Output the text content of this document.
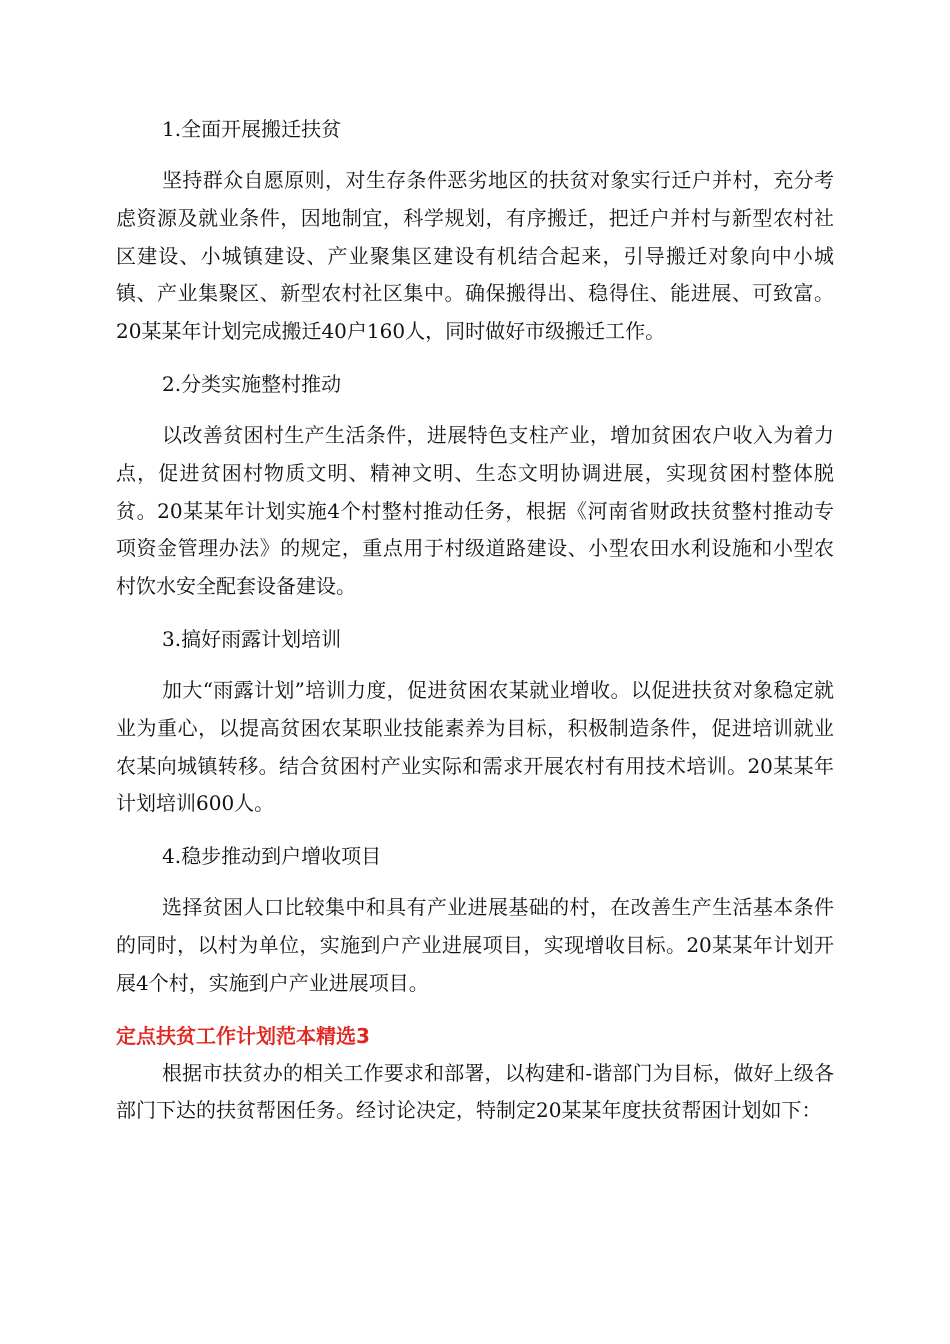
1.全面开展搬迁扶贫

坚持群众自愿原则，对生存条件恶劣地区的扶贫对象实行迁户并村，充分考虑资源及就业条件，因地制宜，科学规划，有序搬迁，把迁户并村与新型农村社区建设、小城镇建设、产业聚集区建设有机结合起来，引导搬迁对象向中小城镇、产业集聚区、新型农村社区集中。确保搬得出、稳得住、能进展、可致富。20某某年计划完成搬迁40户160人，同时做好市级搬迁工作。

2.分类实施整村推动

以改善贫困村生产生活条件，进展特色支柱产业，增加贫困农户收入为着力点，促进贫困村物质文明、精神文明、生态文明协调进展，实现贫困村整体脱贫。20某某年计划实施4个村整村推动任务，根据《河南省财政扶贫整村推动专项资金管理办法》的规定，重点用于村级道路建设、小型农田水利设施和小型农村饮水安全配套设备建设。

3.搞好雨露计划培训

加大“雨露计划”培训力度，促进贫困农某就业增收。以促进扶贫对象稳定就业为重心，以提高贫困农某职业技能素养为目标，积极制造条件，促进培训就业农某向城镇转移。结合贫困村产业实际和需求开展农村有用技术培训。20某某年计划培训600人。

4.稳步推动到户增收项目

选择贫困人口比较集中和具有产业进展基础的村，在改善生产生活基本条件的同时，以村为单位，实施到户产业进展项目，实现增收目标。20某某年计划开展4个村，实施到户产业进展项目。

定点扶贫工作计划范本精选3

根据市扶贫办的相关工作要求和部署，以构建和-谐部门为目标，做好上级各部门下达的扶贫帮困任务。经讨论决定，特制定20某某年度扶贫帮困计划如下：
